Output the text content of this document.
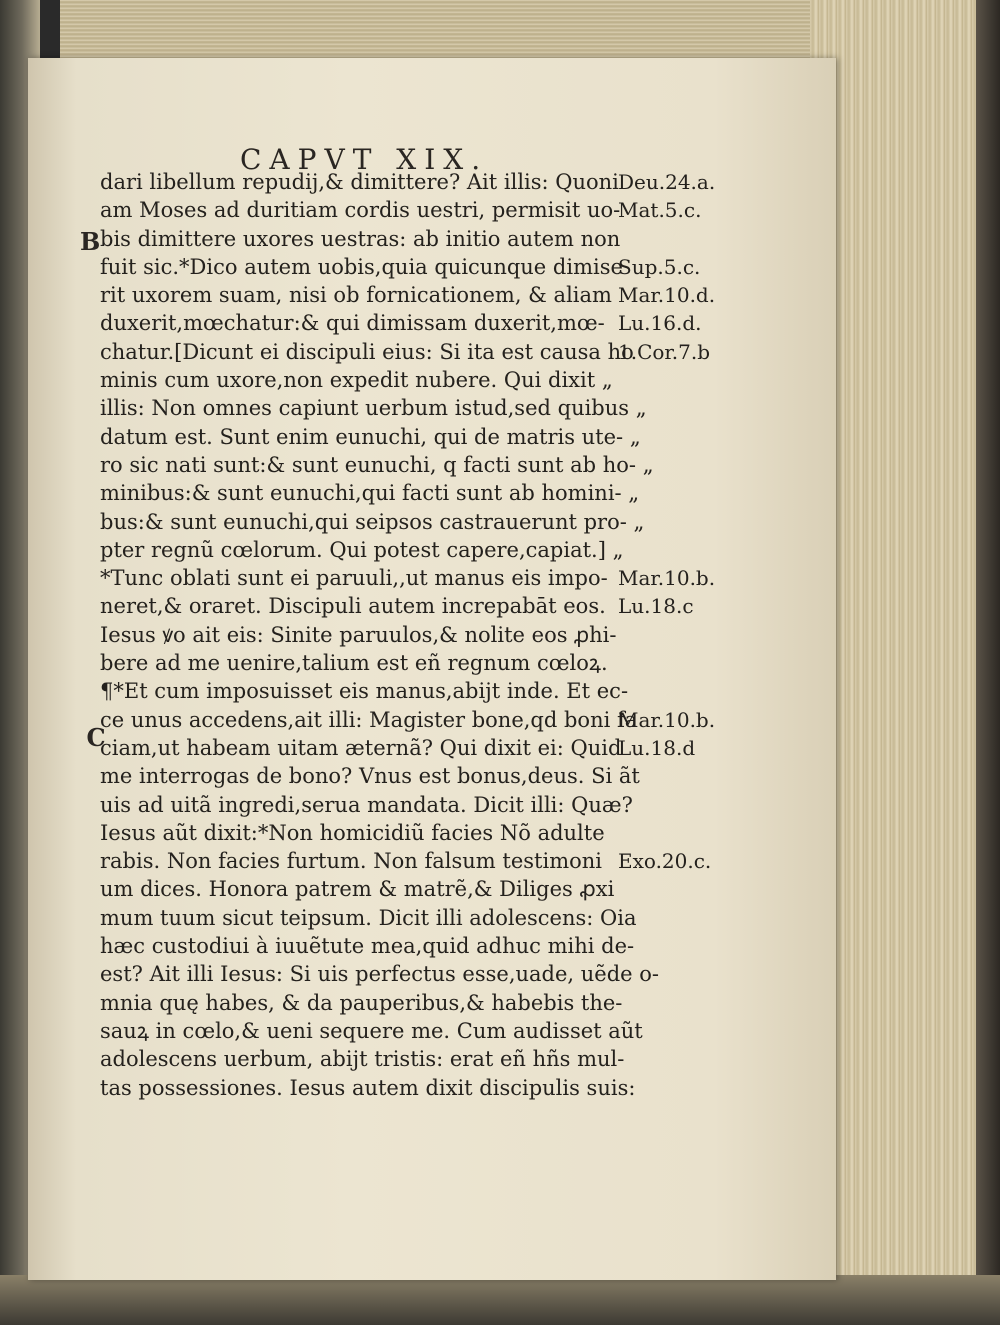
CAPVT XIX.
B
C
dari libellum repudij,& dimittere? Ait illis: Quoni
am Moses ad duritiam cordis uestri, permisit uo-
bis dimittere uxores uestras: ab initio autem non
fuit sic.*Dico autem uobis,quia quicunque dimise
rit uxorem suam, nisi ob fornicationem, & aliam
duxerit,mœchatur:& qui dimissam duxerit,mœ-
chatur.[Dicunt ei discipuli eius: Si ita est causa ho
minis cum uxore,non expedit nubere. Qui dixit „
illis: Non omnes capiunt uerbum istud,sed quibus „
datum est. Sunt enim eunuchi, qui de matris ute- „
ro sic nati sunt:& sunt eunuchi, q facti sunt ab ho- „
minibus:& sunt eunuchi,qui facti sunt ab homini- „
bus:& sunt eunuchi,qui seipsos castrauerunt pro- „
pter regnũ cœlorum. Qui potest capere,capiat.] „
*Tunc oblati sunt ei paruuli,,ut manus eis impo-
neret,& oraret. Discipuli autem increpabāt eos.
Iesus ꝟo ait eis: Sinite paruulos,& nolite eos ꝓhi-
bere ad me uenire,talium est eñ regnum cœloꝝ.
¶*Et cum imposuisset eis manus,abijt inde. Et ec-
ce unus accedens,ait illi: Magister bone,qd boni fa
ciam,ut habeam uitam æternã? Qui dixit ei: Quid
me interrogas de bono? Vnus est bonus,deus. Si ãt
uis ad uitã ingredi,serua mandata. Dicit illi: Quæ?
Iesus aũt dixit:*Non homicidiũ facies Nõ adulte
rabis. Non facies furtum. Non falsum testimoni
um dices. Honora patrem & matrẽ,& Diliges ꝓxi
mum tuum sicut teipsum. Dicit illi adolescens: Oia
hæc custodiui à iuuẽtute mea,quid adhuc mihi de-
est? Ait illi Iesus: Si uis perfectus esse,uade, uẽde o-
mnia quę habes, & da pauperibus,& habebis the-
sauꝝ in cœlo,& ueni sequere me. Cum audisset aũt
adolescens uerbum, abijt tristis: erat eñ hñs mul-
tas possessiones. Iesus autem dixit discipulis suis:
Deu.24.a.
Mat.5.c.
Sup.5.c.
Mar.10.d.
Lu.16.d.
1.Cor.7.b
Mar.10.b.
Lu.18.c
Mar.10.b.
Lu.18.d
Exo.20.c.
